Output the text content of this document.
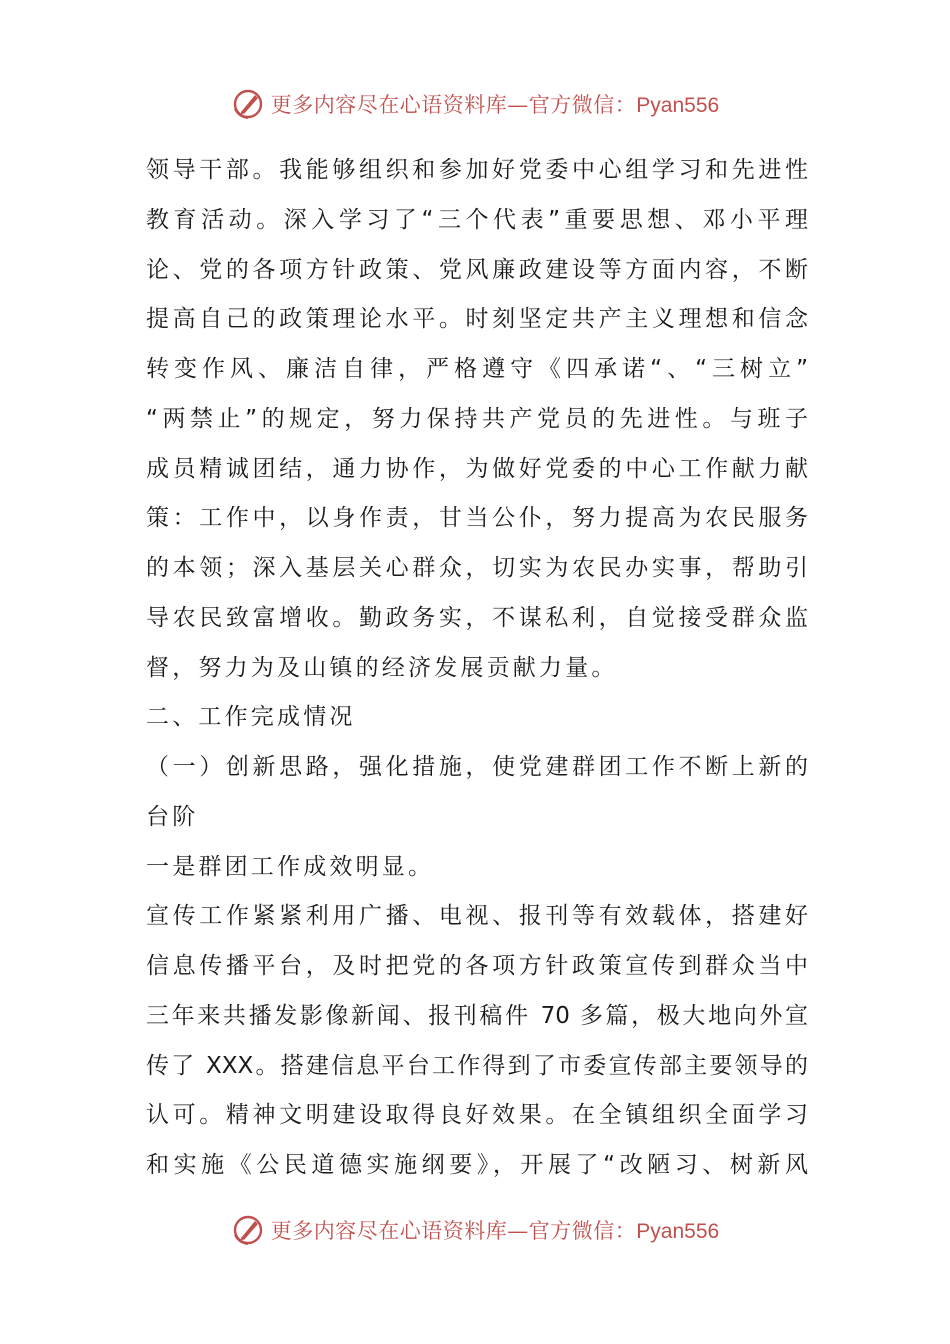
更多内容尽在心语资料库—官方微信：Pyan556
领导干部。我能够组织和参加好党委中心组学习和先进性
教育活动。深入学习了“三个代表”重要思想、邓小平理
论、党的各项方针政策、党风廉政建设等方面内容，不断
提高自己的政策理论水平。时刻坚定共产主义理想和信念
转变作风、廉洁自律，严格遵守《四承诺“、“三树立”
“两禁止”的规定，努力保持共产党员的先进性。与班子
成员精诚团结，通力协作，为做好党委的中心工作献力献
策：工作中，以身作责，甘当公仆，努力提高为农民服务
的本领；深入基层关心群众，切实为农民办实事，帮助引
导农民致富增收。勤政务实，不谋私利，自觉接受群众监
督，努力为及山镇的经济发展贡献力量。
二、工作完成情况
（一）创新思路，强化措施，使党建群团工作不断上新的
台阶
一是群团工作成效明显。
宣传工作紧紧利用广播、电视、报刊等有效载体，搭建好
信息传播平台，及时把党的各项方针政策宣传到群众当中
三年来共播发影像新闻、报刊稿件 70 多篇，极大地向外宣
传了 XXX。搭建信息平台工作得到了市委宣传部主要领导的
认可。精神文明建设取得良好效果。在全镇组织全面学习
和实施《公民道德实施纲要》，开展了“改陋习、树新风
更多内容尽在心语资料库—官方微信：Pyan556
